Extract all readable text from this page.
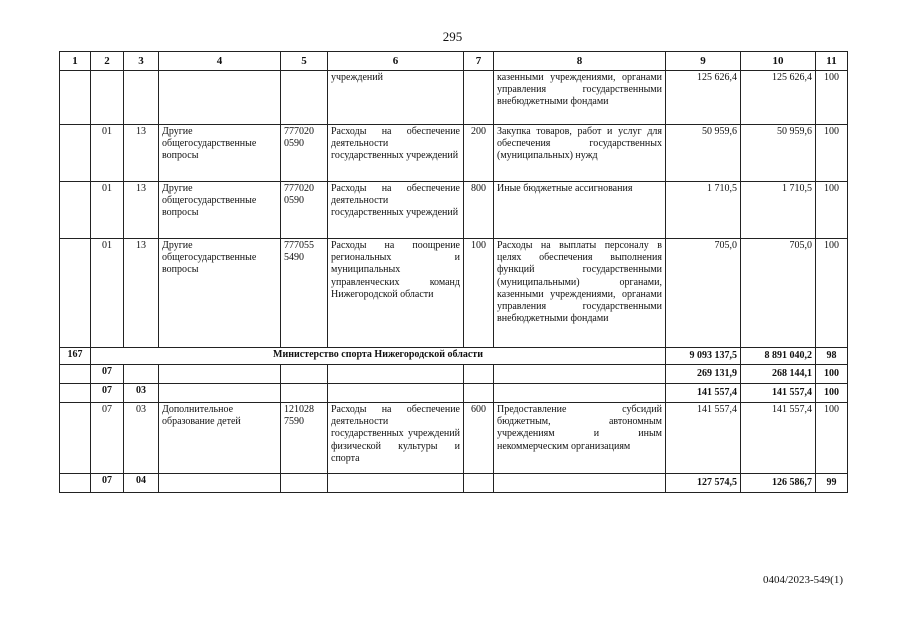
295
1	2	3	4	5	6	7	8	9	10	11
					учреждений		казенными учреждениями, органами управления государственными внебюджетными фондами	125 626,4	125 626,4	100
	01	13	Другие общегосударственные вопросы	777020 0590	Расходы на обеспечение деятельности государственных учреждений	200	Закупка товаров, работ и услуг для обеспечения государственных (муниципальных) нужд	50 959,6	50 959,6	100
	01	13	Другие общегосударственные вопросы	777020 0590	Расходы на обеспечение деятельности государственных учреждений	800	Иные бюджетные ассигнования	1 710,5	1 710,5	100
	01	13	Другие общегосударственные вопросы	777055 5490	Расходы на поощрение региональных и муниципальных управленческих команд Нижегородской области	100	Расходы на выплаты персоналу в целях обеспечения выполнения функций государственными (муниципальными) органами, казенными учреждениями, органами управления государственными внебюджетными фондами	705,0	705,0	100
167	Министерство спорта Нижегородской области							9 093 137,5	8 891 040,2	98
	07							269 131,9	268 144,1	100
	07	03						141 557,4	141 557,4	100
	07	03	Дополнительное образование детей	121028 7590	Расходы на обеспечение деятельности государственных учреждений физической культуры и спорта	600	Предоставление субсидий бюджетным, автономным учреждениям и иным некоммерческим организациям	141 557,4	141 557,4	100
	07	04						127 574,5	126 586,7	99
0404/2023-549(1)
